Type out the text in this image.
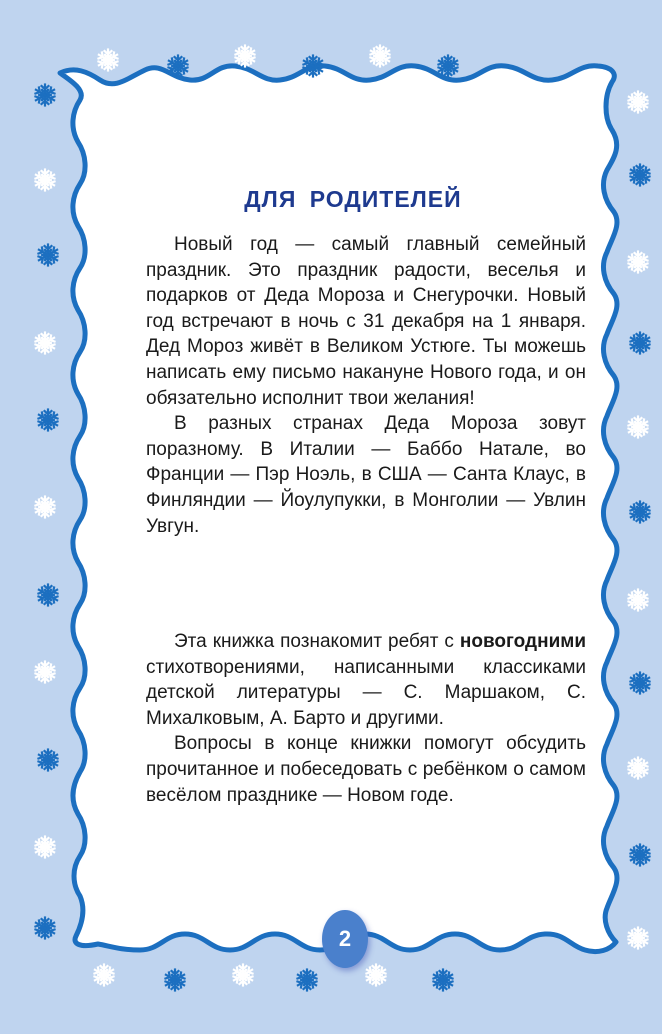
ДЛЯ РОДИТЕЛЕЙ

Новый год — самый главный семейный праздник. Это праздник радости, веселья и подарков от Деда Мороза и Снегурочки. Новый год встречают в ночь с 31 декабря на 1 января. Дед Мороз живёт в Великом Устюге. Ты можешь написать ему письмо накануне Нового года, и он обязательно исполнит твои желания!

В разных странах Деда Мороза зовут поразному. В Италии — Баббо Натале, во Франции — Пэр Ноэль, в США — Санта Клаус, в Финляндии — Йоулупукки, в Монголии — Увлин Увгун.

Эта книжка познакомит ребят с новогодними стихотворениями, написанными классиками детской литературы — С. Маршаком, С. Михалковым, А. Барто и другими.

Вопросы в конце книжки помогут обсудить прочитанное и побеседовать с ребёнком о самом весёлом празднике — Новом годе.

2
